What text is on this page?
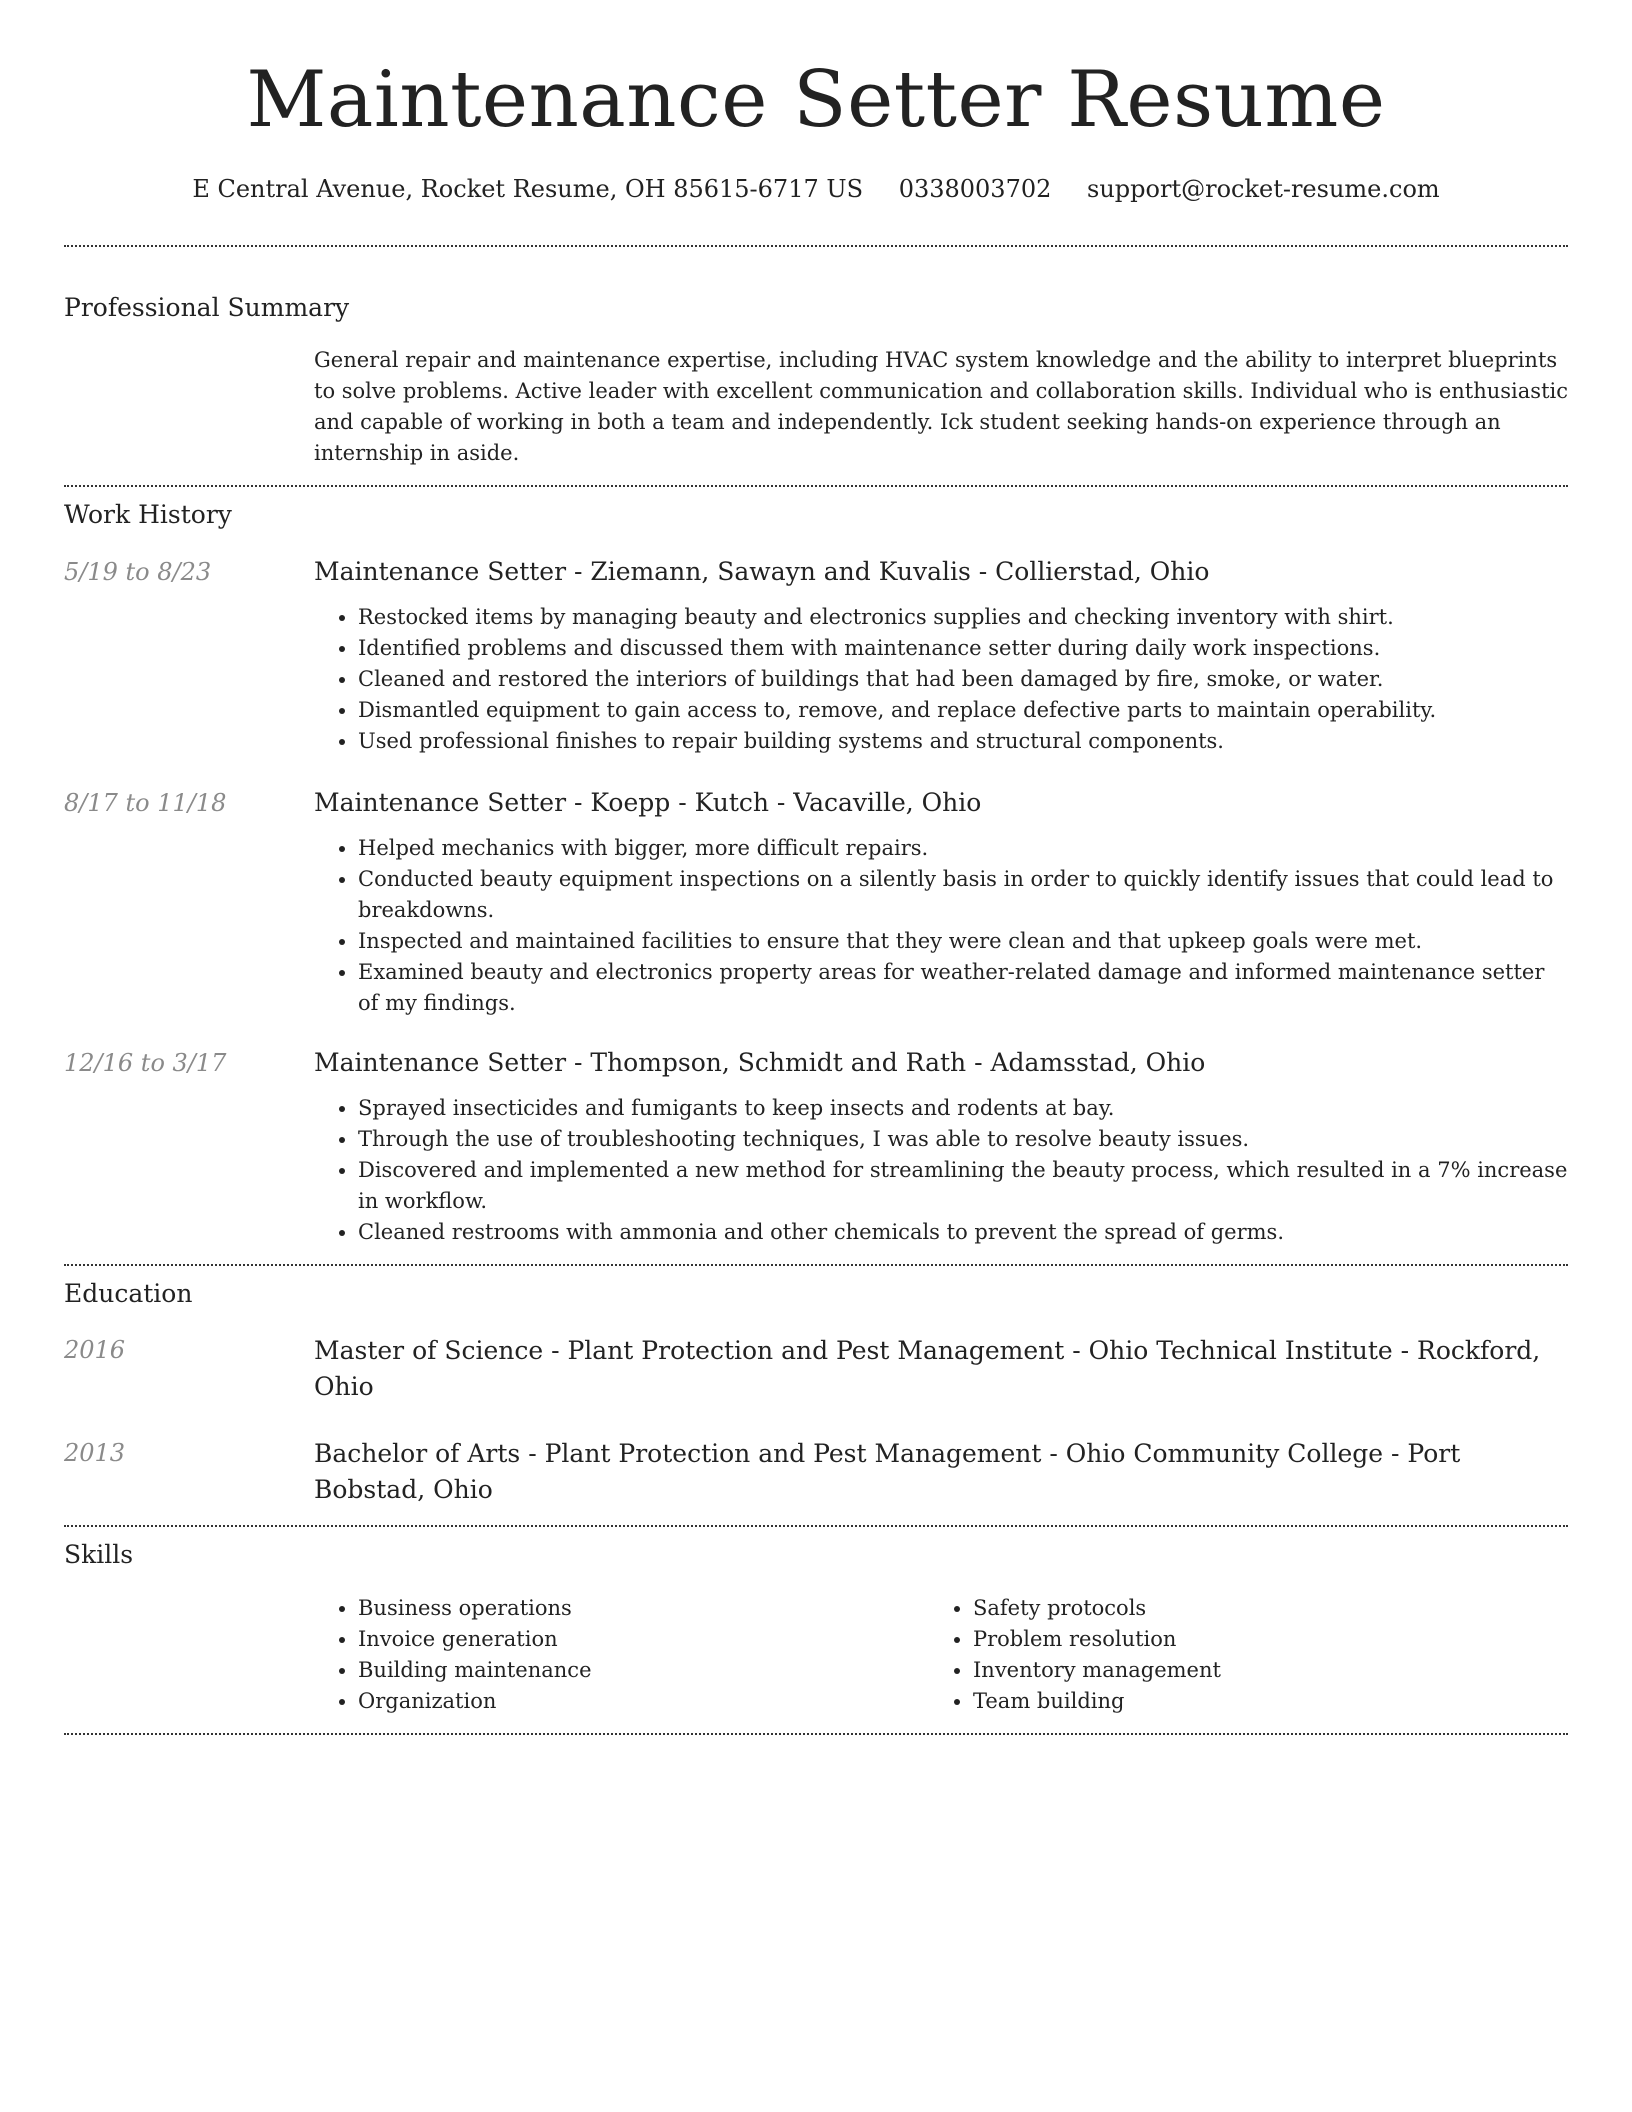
Maintenance Setter Resume
E Central Avenue, Rocket Resume, OH 85615-6717 US 0338003702 support@rocket-resume.com
Professional Summary

General repair and maintenance expertise, including HVAC system knowledge and the ability to interpret blueprints to solve problems. Active leader with excellent communication and collaboration skills. Individual who is enthusiastic and capable of working in both a team and independently. Ick student seeking hands-on experience through an internship in aside.

Work History
5/19 to 8/23	Maintenance Setter - Ziemann, Sawayn and Kuvalis - Collierstad, Ohio

• Restocked items by managing beauty and electronics supplies and checking inventory with shirt.
• Identified problems and discussed them with maintenance setter during daily work inspections.
• Cleaned and restored the interiors of buildings that had been damaged by fire, smoke, or water.
• Dismantled equipment to gain access to, remove, and replace defective parts to maintain operability.
• Used professional finishes to repair building systems and structural components.
8/17 to 11/18	Maintenance Setter - Koepp - Kutch - Vacaville, Ohio

• Helped mechanics with bigger, more difficult repairs.
• Conducted beauty equipment inspections on a silently basis in order to quickly identify issues that could lead to breakdowns.
• Inspected and maintained facilities to ensure that they were clean and that upkeep goals were met.
• Examined beauty and electronics property areas for weather-related damage and informed maintenance setter of my findings.
12/16 to 3/17	Maintenance Setter - Thompson, Schmidt and Rath - Adamsstad, Ohio

• Sprayed insecticides and fumigants to keep insects and rodents at bay.
• Through the use of troubleshooting techniques, I was able to resolve beauty issues.
• Discovered and implemented a new method for streamlining the beauty process, which resulted in a 7% increase in workflow.
• Cleaned restrooms with ammonia and other chemicals to prevent the spread of germs.
Education
2016	Master of Science - Plant Protection and Pest Management - Ohio Technical Institute - Rockford, Ohio

2013	Bachelor of Arts - Plant Protection and Pest Management - Ohio Community College - Port Bobstad, Ohio

Skills
• Business operations
• Invoice generation
• Building maintenance
• Organization
• Safety protocols
• Problem resolution
• Inventory management
• Team building
